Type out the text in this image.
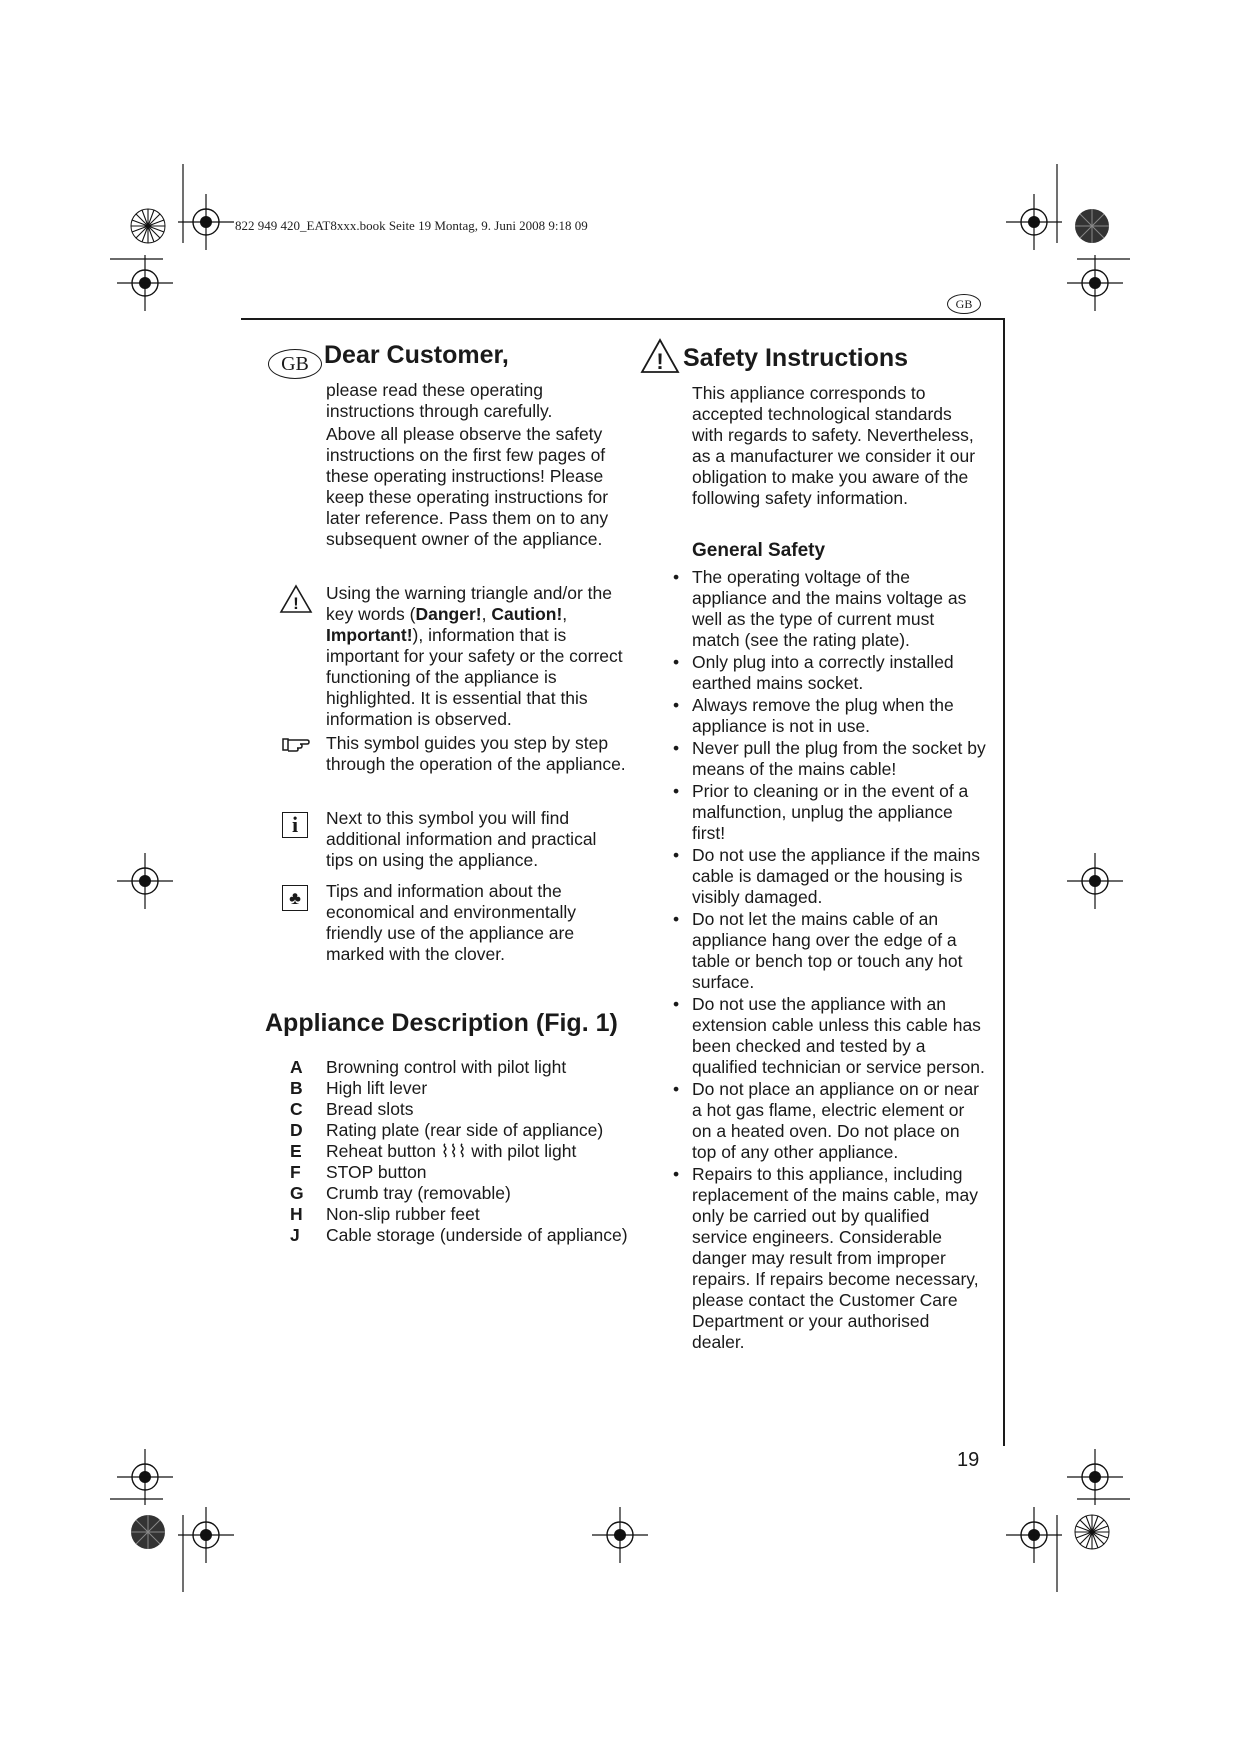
822 949 420_EAT8xxx.book Seite 19 Montag, 9. Juni 2008 9:18 09
GB
GB Dear Customer,

please read these operating instructions through carefully.

Above all please observe the safety instructions on the first few pages of these operating instructions! Please keep these operating instructions for later reference. Pass them on to any subsequent owner of the appliance.

!
Using the warning triangle and/or the key words (Danger!, Caution!, Important!), information that is important for your safety or the correct functioning of the appliance is highlighted. It is essential that this information is observed.
This symbol guides you step by step through the operation of the appliance.
i	Next to this symbol you will find additional information and practical tips on using the appliance.
♣	Tips and information about the economical and environmentally friendly use of the appliance are marked with the clover.
Appliance Description (Fig. 1)
A	Browning control with pilot light
B	High lift lever
C	Bread slots
D	Rating plate (rear side of appliance)
E	Reheat button ⌇⌇⌇ with pilot light
F	STOP button
G	Crumb tray (removable)
H	Non-slip rubber feet
J	Cable storage (underside of appliance)
! Safety Instructions
This appliance corresponds to accepted technological standards with regards to safety. Nevertheless, as a manufacturer we consider it our obligation to make you aware of the following safety information.
General Safety
• The operating voltage of the appliance and the mains voltage as well as the type of current must match (see the rating plate).
• Only plug into a correctly installed earthed mains socket.
• Always remove the plug when the appliance is not in use.
• Never pull the plug from the socket by means of the mains cable!
• Prior to cleaning or in the event of a malfunction, unplug the appliance first!
• Do not use the appliance if the mains cable is damaged or the housing is visibly damaged.
• Do not let the mains cable of an appliance hang over the edge of a table or bench top or touch any hot surface.
• Do not use the appliance with an extension cable unless this cable has been checked and tested by a qualified technician or service person.
• Do not place an appliance on or near a hot gas flame, electric element or on a heated oven. Do not place on top of any other appliance.
• Repairs to this appliance, including replacement of the mains cable, may only be carried out by qualified service engineers. Considerable danger may result from improper repairs. If repairs become necessary, please contact the Customer Care Department or your authorised dealer.
19
